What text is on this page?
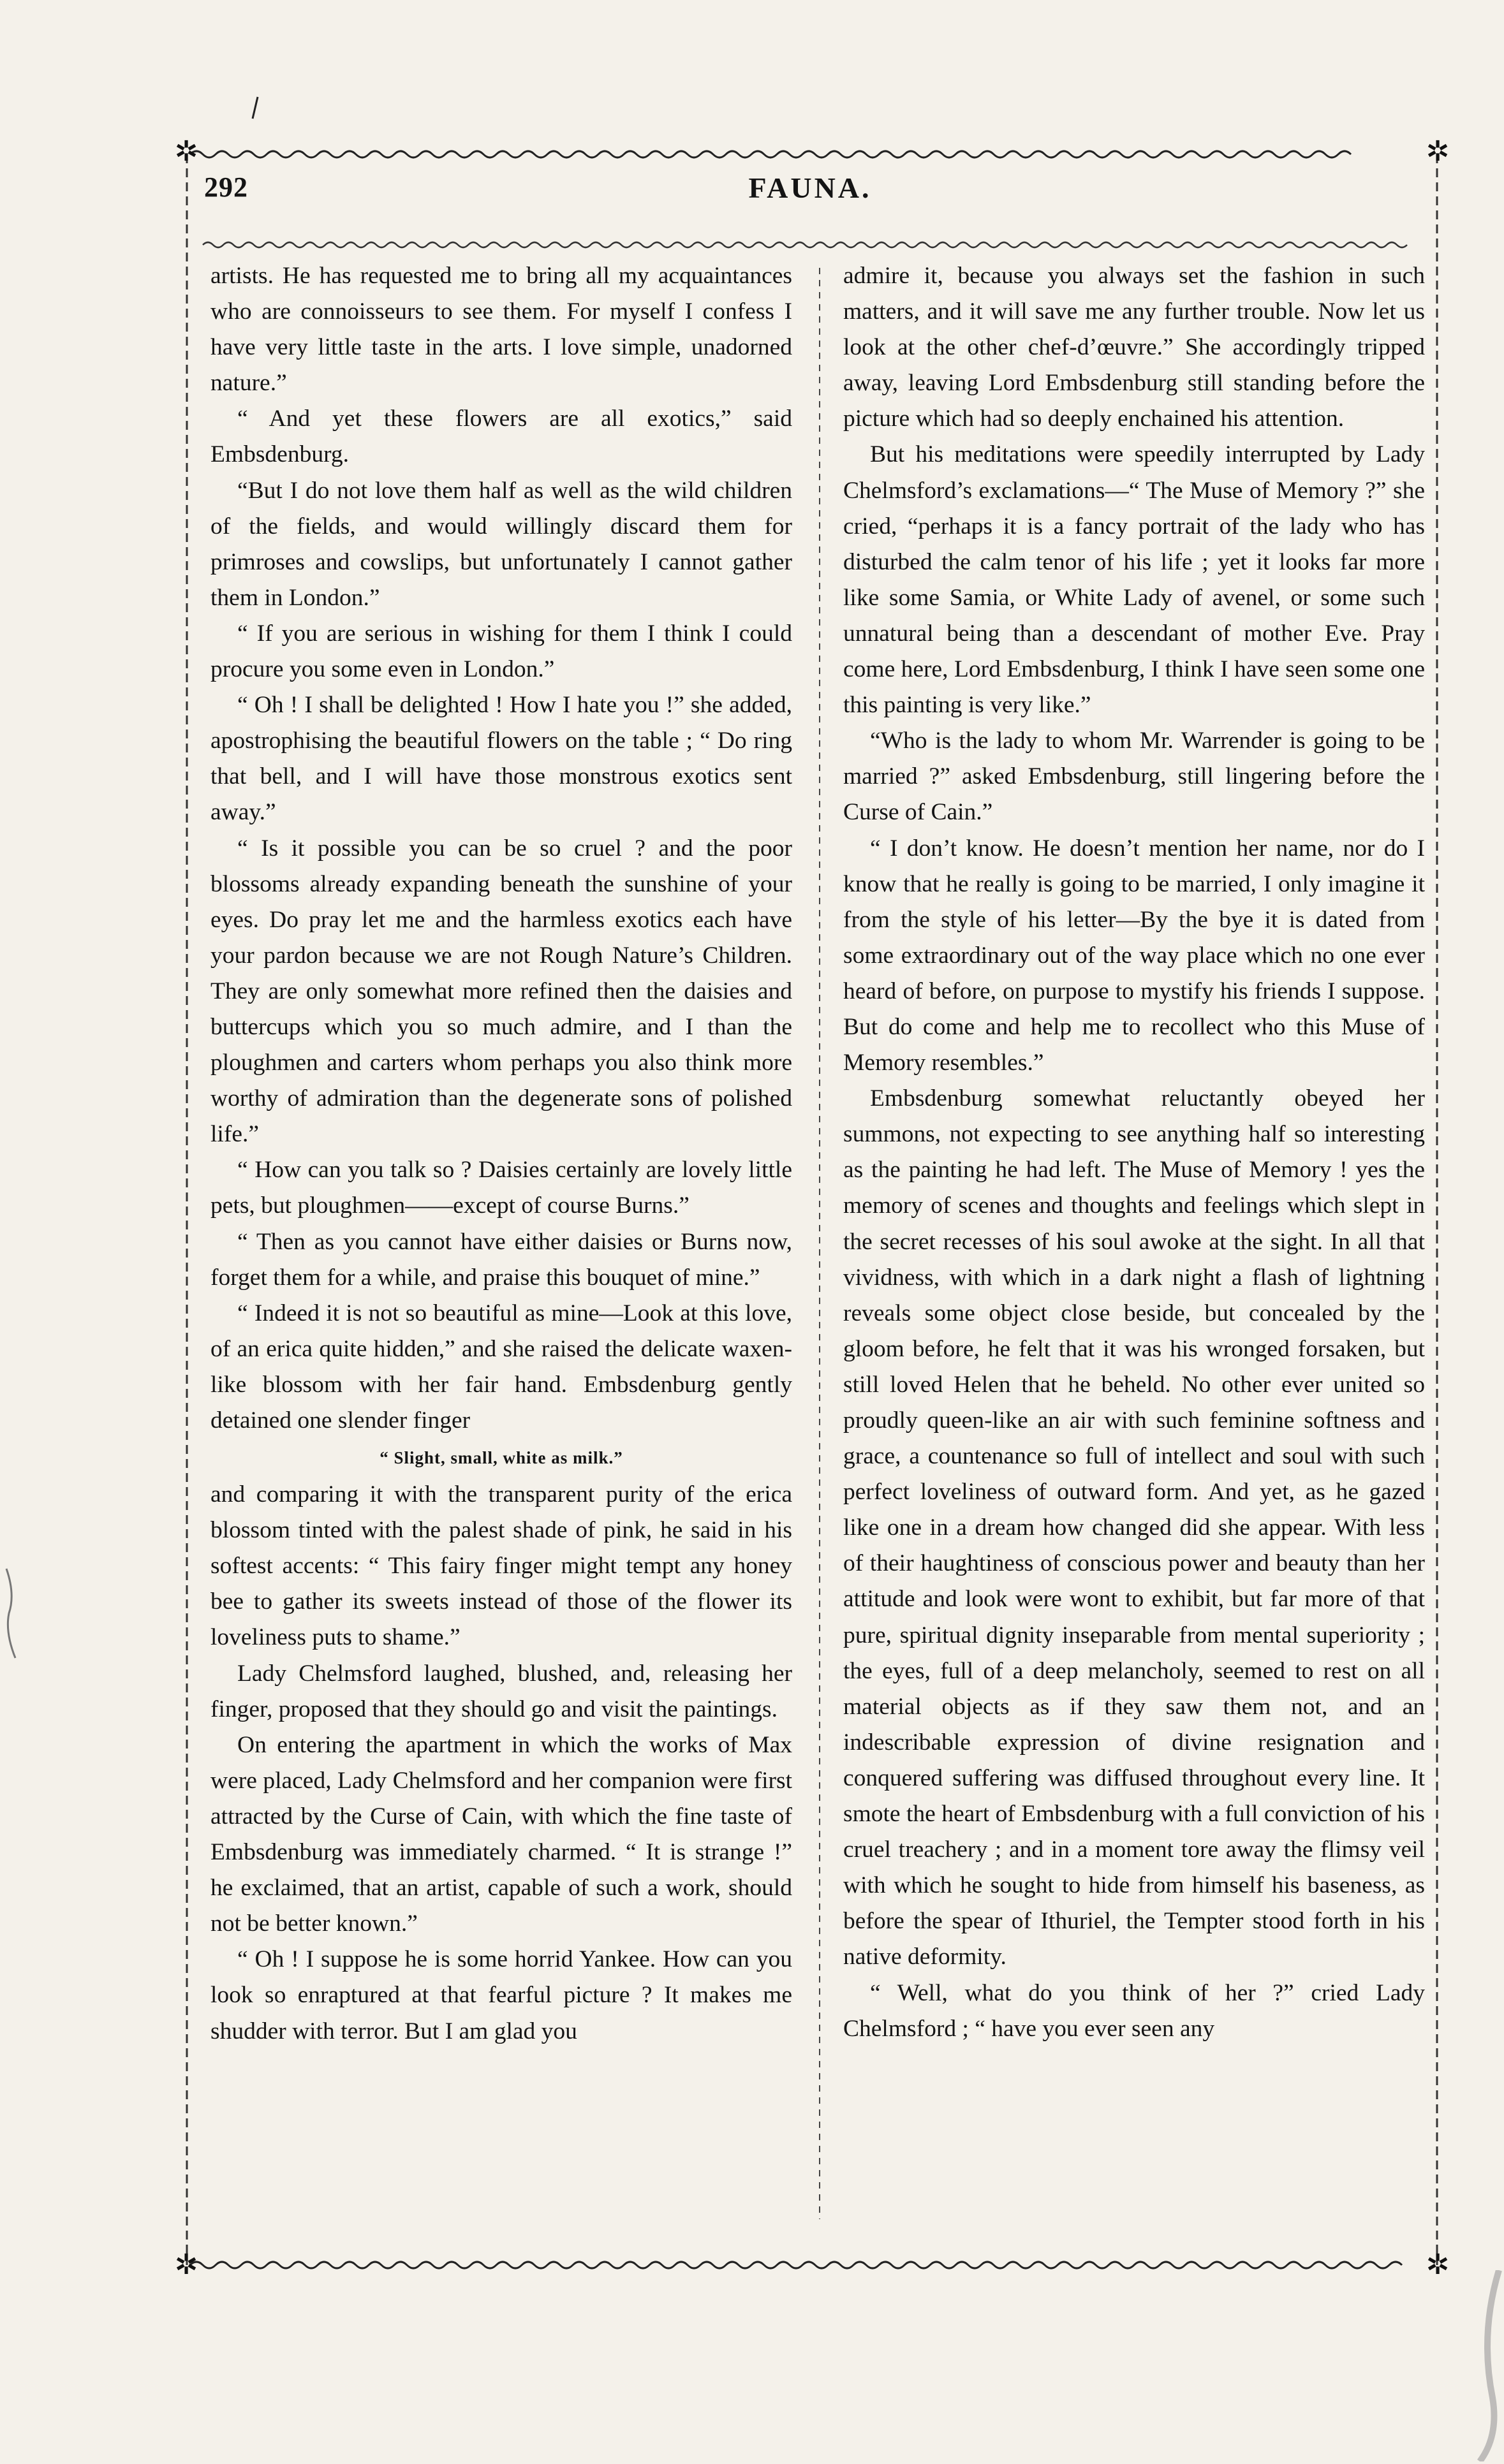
✲	✲
✲	✲
292	FAUNA.

artists. He has requested me to bring all my acquaintances who are connoisseurs to see them. For myself I confess I have very little taste in the arts. I love simple, unadorned nature.”

“ And yet these flowers are all exotics,” said Embsdenburg.

“But I do not love them half as well as the wild children of the fields, and would willingly discard them for primroses and cowslips, but unfortunately I cannot gather them in London.”

“ If you are serious in wishing for them I think I could procure you some even in London.”

“ Oh ! I shall be delighted ! How I hate you !” she added, apostrophising the beautiful flowers on the table ; “ Do ring that bell, and I will have those monstrous exotics sent away.”

“ Is it possible you can be so cruel ? and the poor blossoms already expanding beneath the sunshine of your eyes. Do pray let me and the harmless exotics each have your pardon because we are not Rough Nature’s Children. They are only somewhat more refined then the daisies and buttercups which you so much admire, and I than the ploughmen and carters whom perhaps you also think more worthy of admiration than the degenerate sons of polished life.”

“ How can you talk so ? Daisies certainly are lovely little pets, but ploughmen——except of course Burns.”

“ Then as you cannot have either daisies or Burns now, forget them for a while, and praise this bouquet of mine.”

“ Indeed it is not so beautiful as mine—Look at this love, of an erica quite hidden,” and she raised the delicate waxen-like blossom with her fair hand. Embsdenburg gently detained one slender finger

“ Slight, small, white as milk.”

and comparing it with the transparent purity of the erica blossom tinted with the palest shade of pink, he said in his softest accents: “ This fairy finger might tempt any honey bee to gather its sweets instead of those of the flower its loveliness puts to shame.”

Lady Chelmsford laughed, blushed, and, releasing her finger, proposed that they should go and visit the paintings.

On entering the apartment in which the works of Max were placed, Lady Chelmsford and her companion were first attracted by the Curse of Cain, with which the fine taste of Embsdenburg was immediately charmed. “ It is strange !” he exclaimed, that an artist, capable of such a work, should not be better known.”

“ Oh ! I suppose he is some horrid Yankee. How can you look so enraptured at that fearful picture ? It makes me shudder with terror. But I am glad you

admire it, because you always set the fashion in such matters, and it will save me any further trouble. Now let us look at the other chef-d’œuvre.” She accordingly tripped away, leaving Lord Embsdenburg still standing before the picture which had so deeply enchained his attention.

But his meditations were speedily interrupted by Lady Chelmsford’s exclamations—“ The Muse of Memory ?” she cried, “perhaps it is a fancy portrait of the lady who has disturbed the calm tenor of his life ; yet it looks far more like some Samia, or White Lady of avenel, or some such unnatural being than a descendant of mother Eve. Pray come here, Lord Embsdenburg, I think I have seen some one this painting is very like.”

“Who is the lady to whom Mr. Warrender is going to be married ?” asked Embsdenburg, still lingering before the Curse of Cain.”

“ I don’t know. He doesn’t mention her name, nor do I know that he really is going to be married, I only imagine it from the style of his letter—By the bye it is dated from some extraordinary out of the way place which no one ever heard of before, on purpose to mystify his friends I suppose. But do come and help me to recollect who this Muse of Memory resembles.”

Embsdenburg somewhat reluctantly obeyed her summons, not expecting to see anything half so interesting as the painting he had left. The Muse of Memory ! yes the memory of scenes and thoughts and feelings which slept in the secret recesses of his soul awoke at the sight. In all that vividness, with which in a dark night a flash of lightning reveals some object close beside, but concealed by the gloom before, he felt that it was his wronged forsaken, but still loved Helen that he beheld. No other ever united so proudly queen-like an air with such feminine softness and grace, a countenance so full of intellect and soul with such perfect loveliness of outward form. And yet, as he gazed like one in a dream how changed did she appear. With less of their haughtiness of conscious power and beauty than her attitude and look were wont to exhibit, but far more of that pure, spiritual dignity inseparable from mental superiority ; the eyes, full of a deep melancholy, seemed to rest on all material objects as if they saw them not, and an indescribable expression of divine resignation and conquered suffering was diffused throughout every line. It smote the heart of Embsdenburg with a full conviction of his cruel treachery ; and in a moment tore away the flimsy veil with which he sought to hide from himself his baseness, as before the spear of Ithuriel, the Tempter stood forth in his native deformity.

“ Well, what do you think of her ?” cried Lady Chelmsford ; “ have you ever seen any
